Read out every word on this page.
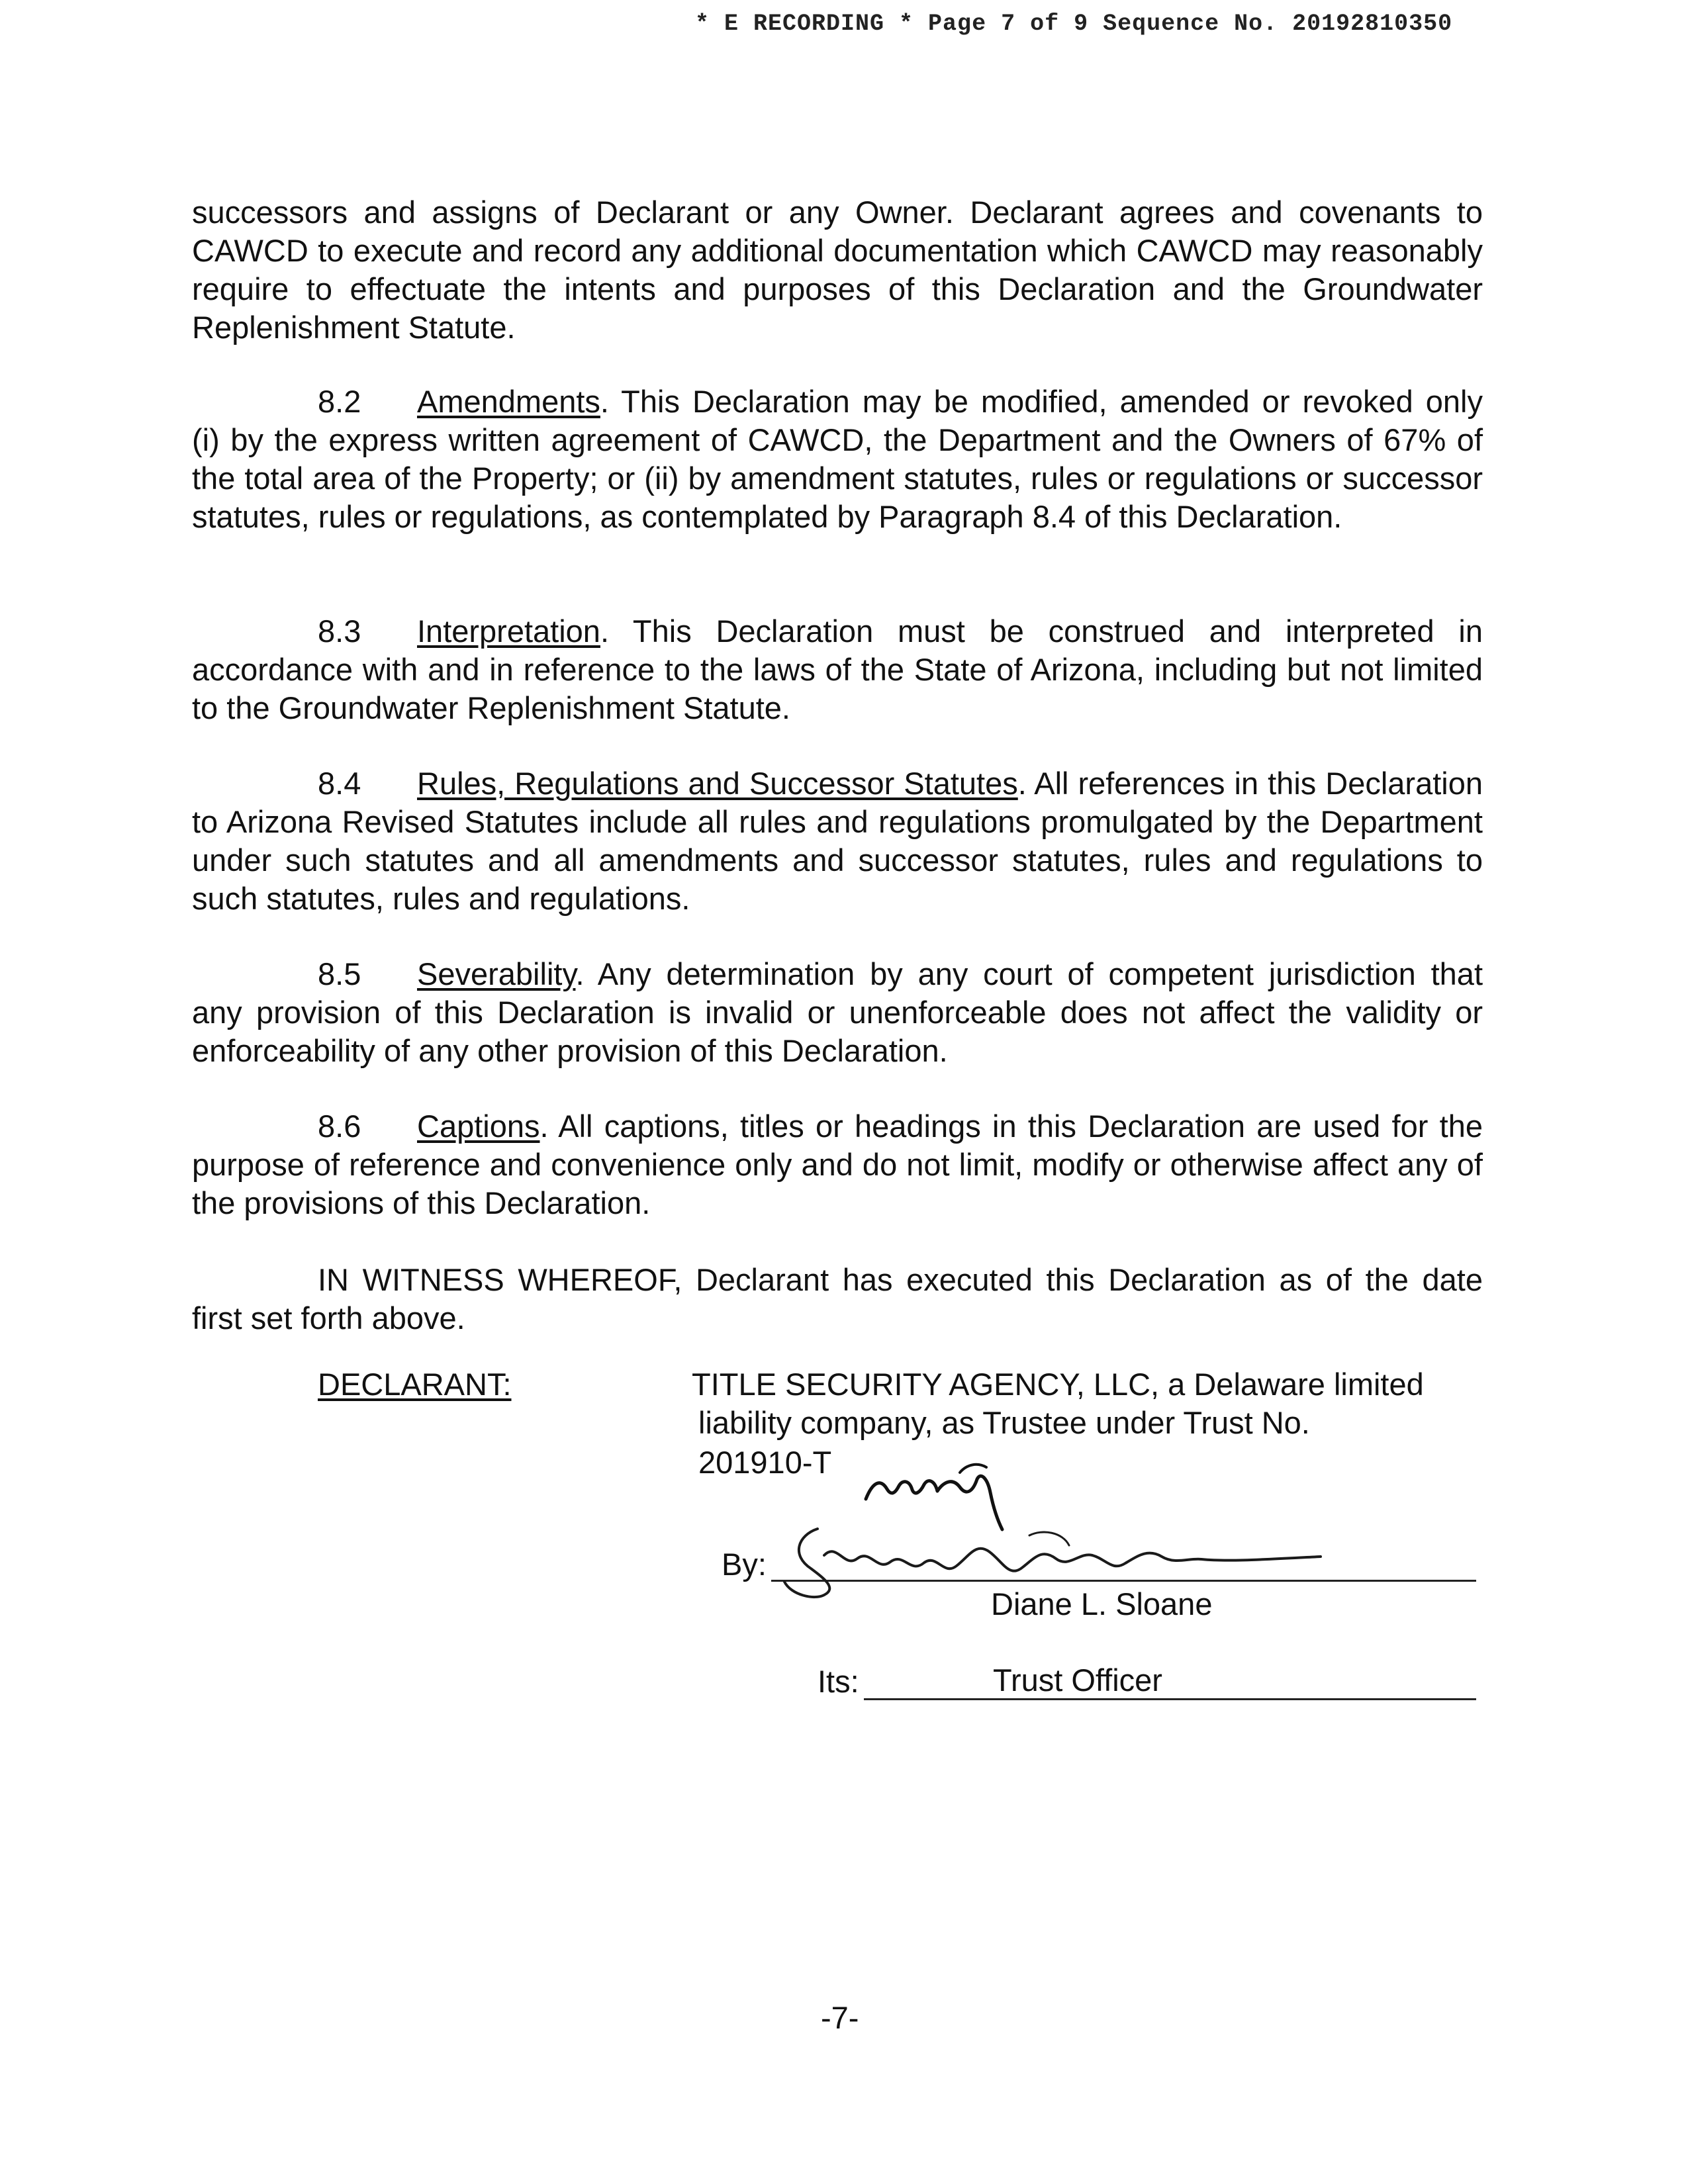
* E RECORDING * Page 7 of 9 Sequence No. 20192810350

successors and assigns of Declarant or any Owner. Declarant agrees and covenants to CAWCD to execute and record any additional documentation which CAWCD may reasonably require to effectuate the intents and purposes of this Declaration and the Groundwater Replenishment Statute.

8.2 Amendments. This Declaration may be modified, amended or revoked only (i) by the express written agreement of CAWCD, the Department and the Owners of 67% of the total area of the Property; or (ii) by amendment statutes, rules or regulations or successor statutes, rules or regulations, as contemplated by Paragraph 8.4 of this Declaration.

8.3 Interpretation. This Declaration must be construed and interpreted in accordance with and in reference to the laws of the State of Arizona, including but not limited to the Groundwater Replenishment Statute.

8.4 Rules, Regulations and Successor Statutes. All references in this Declaration to Arizona Revised Statutes include all rules and regulations promulgated by the Department under such statutes and all amendments and successor statutes, rules and regulations to such statutes, rules and regulations.

8.5 Severability. Any determination by any court of competent jurisdiction that any provision of this Declaration is invalid or unenforceable does not affect the validity or enforceability of any other provision of this Declaration.

8.6 Captions. All captions, titles or headings in this Declaration are used for the purpose of reference and convenience only and do not limit, modify or otherwise affect any of the provisions of this Declaration.

IN WITNESS WHEREOF, Declarant has executed this Declaration as of the date first set forth above.

DECLARANT:	TITLE SECURITY AGENCY, LLC, a Delaware limited
liability company, as Trustee under Trust No.
201910-T
By:
Diane L. Sloane
Its:	Trust Officer
-7-
